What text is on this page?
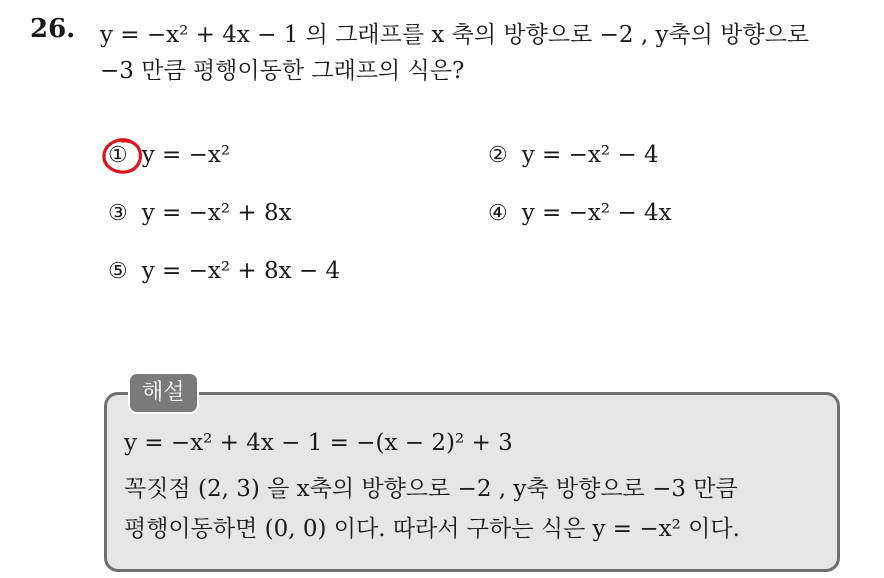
26. y = −x² + 4x − 1 의 그래프를 x 축의 방향으로 −2 , y축의 방향으로
−3 만큼 평행이동한 그래프의 식은?
① y = −x²	② y = −x² − 4
③ y = −x² + 8x	④ y = −x² − 4x
⑤ y = −x² + 8x − 4
해설
y = −x² + 4x − 1 = −(x − 2)² + 3
꼭짓점 (2, 3) 을 x축의 방향으로 −2 , y축 방향으로 −3 만큼
평행이동하면 (0, 0) 이다. 따라서 구하는 식은 y = −x² 이다.
